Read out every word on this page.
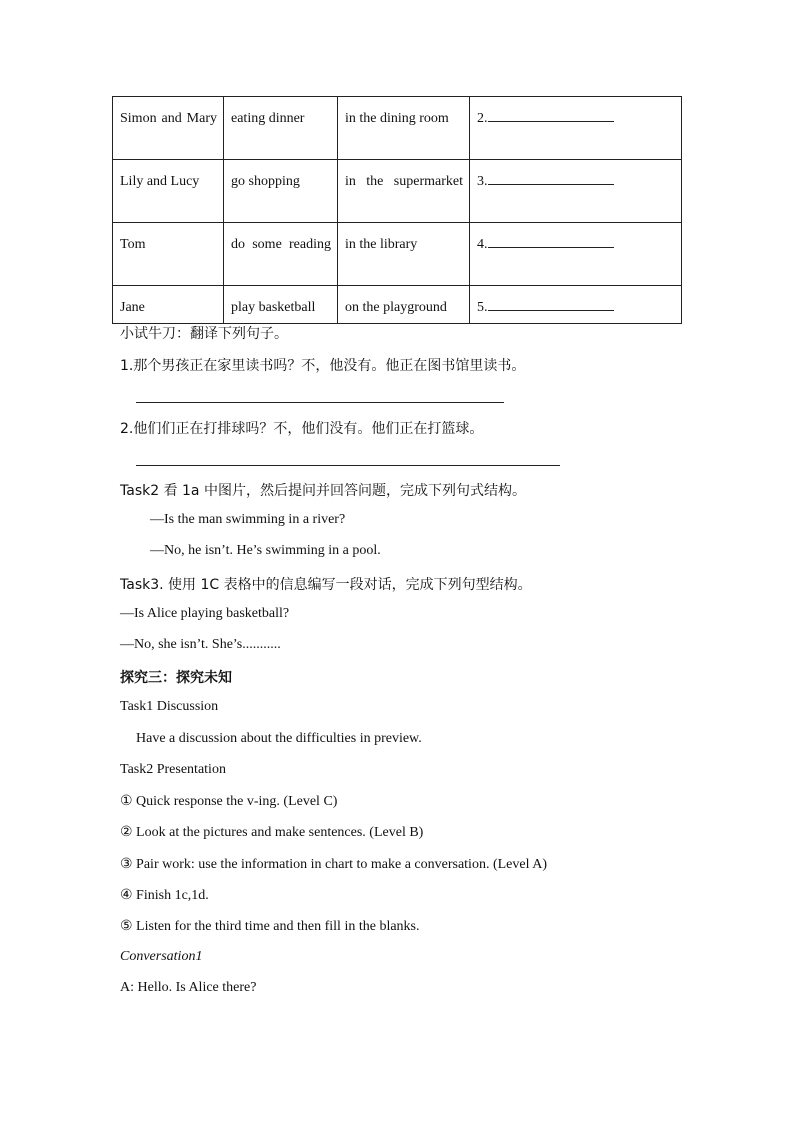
Simon and Mary	eating dinner	in the dining room	2.
Lily and Lucy	go shopping	in the supermarket	3.
Tom	do some reading	in the library	4.
Jane	play basketball	on the playground	5.
小试牛刀：翻译下列句子。
1.那个男孩正在家里读书吗？不，他没有。他正在图书馆里读书。
2.他们们正在打排球吗？不，他们没有。他们正在打篮球。
Task2 看 1a 中图片，然后提问并回答问题，完成下列句式结构。
—Is the man swimming in a river?
—No, he isn’t. He’s swimming in a pool.
Task3. 使用 1C 表格中的信息编写一段对话，完成下列句型结构。
—Is Alice playing basketball?
—No, she isn’t. She’s...........
探究三：探究未知
Task1 Discussion
Have a discussion about the difficulties in preview.
Task2 Presentation
① Quick response the v-ing. (Level C)
② Look at the pictures and make sentences. (Level B)
③ Pair work: use the information in chart to make a conversation. (Level A)
④ Finish 1c,1d.
⑤ Listen for the third time and then fill in the blanks.
Conversation1
A: Hello. Is Alice there?
